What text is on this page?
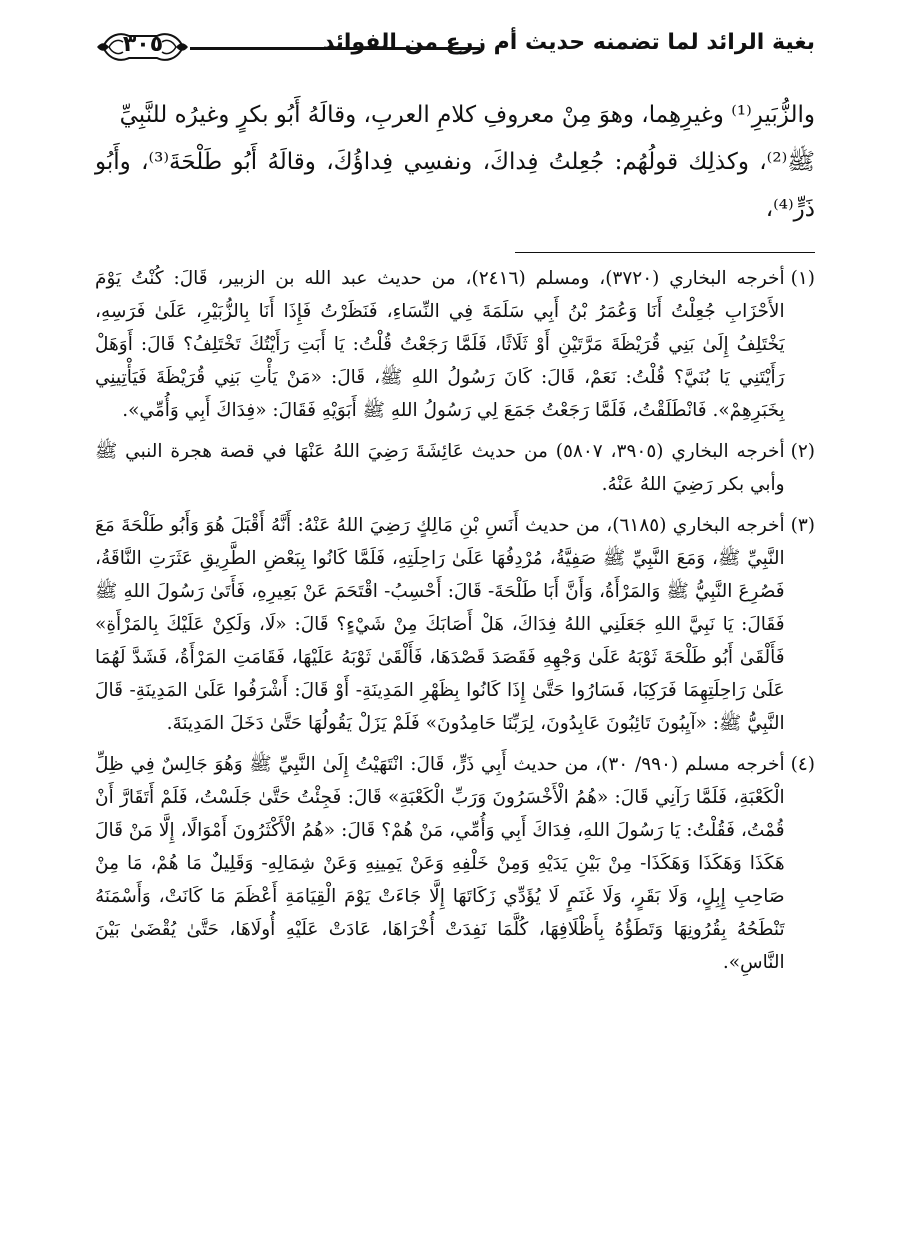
بغية الرائد لما تضمنه حديث أم زرع من الفوائد
٣٠٥

والزُّبَيرِ⁽¹⁾ وغيرِهِما، وهوَ مِنْ معروفِ كلامِ العربِ، وقالَهُ أَبُو بكرٍ وغيرُه للنَّبِيِّ

ﷺ⁽²⁾، وكذلِك قولُهُم: جُعِلتُ فِداكَ، ونفسِي فِداؤُكَ، وقالَهُ أَبُو طَلْحَةَ⁽³⁾، وأَبُو ذَرٍّ⁽⁴⁾،

(١)
أخرجه البخاري (٣٧٢٠)، ومسلم (٢٤١٦)، من حديث عبد الله بن الزبير، قَالَ: كُنْتُ يَوْمَ الأَحْزَابِ جُعِلْتُ أَنَا وَعُمَرُ بْنُ أَبِي سَلَمَةَ فِي النِّسَاءِ، فَنَظَرْتُ فَإِذَا أَنَا بِالزُّبَيْرِ، عَلَىٰ فَرَسِهِ، يَخْتَلِفُ إِلَىٰ بَنِي قُرَيْظَةَ مَرَّتَيْنِ أَوْ ثَلَاثًا، فَلَمَّا رَجَعْتُ قُلْتُ: يَا أَبَتِ رَأَيْتُكَ تَخْتَلِفُ؟ قَالَ: أَوَهَلْ رَأَيْتَنِي يَا بُنَيَّ؟ قُلْتُ: نَعَمْ، قَالَ: كَانَ رَسُولُ اللهِ ﷺ، قَالَ: «مَنْ يَأْتِ بَنِي قُرَيْظَةَ فَيَأْتِينِي بِخَبَرِهِمْ». فَانْطَلَقْتُ، فَلَمَّا رَجَعْتُ جَمَعَ لِي رَسُولُ اللهِ ﷺ أَبَوَيْهِ فَقَالَ: «فِدَاكَ أَبِي وَأُمِّي».
(٢)
أخرجه البخاري (٣٩٠٥، ٥٨٠٧) من حديث عَائِشَةَ رَضِيَ اللهُ عَنْهَا في قصة هجرة النبي ﷺ وأبي بكر رَضِيَ اللهُ عَنْهُ.
(٣)
أخرجه البخاري (٦١٨٥)، من حديث أَنَسِ بْنِ مَالِكٍ رَضِيَ اللهُ عَنْهُ: أَنَّهُ أَقْبَلَ هُوَ وَأَبُو طَلْحَةَ مَعَ النَّبِيِّ ﷺ، وَمَعَ النَّبِيِّ ﷺ صَفِيَّةُ، مُرْدِفُهَا عَلَىٰ رَاحِلَتِهِ، فَلَمَّا كَانُوا بِبَعْضِ الطَّرِيقِ عَثَرَتِ النَّاقَةُ، فَصُرِعَ النَّبِيُّ ﷺ وَالمَرْأَةُ، وَأَنَّ أَبَا طَلْحَةَ- قَالَ: أَحْسِبُ- اقْتَحَمَ عَنْ بَعِيرِهِ، فَأَتَىٰ رَسُولَ اللهِ ﷺ فَقَالَ: يَا نَبِيَّ اللهِ جَعَلَنِي اللهُ فِدَاكَ، هَلْ أَصَابَكَ مِنْ شَيْءٍ؟ قَالَ: «لَا، وَلَكِنْ عَلَيْكَ بِالمَرْأَةِ» فَأَلْقَىٰ أَبُو طَلْحَةَ ثَوْبَهُ عَلَىٰ وَجْهِهِ فَقَصَدَ قَصْدَهَا، فَأَلْقَىٰ ثَوْبَهُ عَلَيْهَا، فَقَامَتِ المَرْأَةُ، فَشَدَّ لَهُمَا عَلَىٰ رَاحِلَتِهِمَا فَرَكِبَا، فَسَارُوا حَتَّىٰ إِذَا كَانُوا بِظَهْرِ المَدِينَةِ- أَوْ قَالَ: أَشْرَفُوا عَلَىٰ المَدِينَةِ- قَالَ النَّبِيُّ ﷺ: «آيِبُونَ تَائِبُونَ عَابِدُونَ، لِرَبِّنَا حَامِدُونَ» فَلَمْ يَزَلْ يَقُولُهَا حَتَّىٰ دَخَلَ المَدِينَةَ.
(٤)
أخرجه مسلم (٩٩٠/ ٣٠)، من حديث أَبِي ذَرٍّ، قَالَ: انْتَهَيْتُ إِلَىٰ النَّبِيِّ ﷺ وَهُوَ جَالِسٌ فِي ظِلِّ الْكَعْبَةِ، فَلَمَّا رَآنِي قَالَ: «هُمُ الْأَخْسَرُونَ وَرَبِّ الْكَعْبَةِ» قَالَ: فَجِئْتُ حَتَّىٰ جَلَسْتُ، فَلَمْ أَتَقَارَّ أَنْ قُمْتُ، فَقُلْتُ: يَا رَسُولَ اللهِ، فِدَاكَ أَبِي وَأُمِّي، مَنْ هُمْ؟ قَالَ: «هُمُ الْأَكْثَرُونَ أَمْوَالًا، إِلَّا مَنْ قَالَ هَكَذَا وَهَكَذَا وَهَكَذَا- مِنْ بَيْنِ يَدَيْهِ وَمِنْ خَلْفِهِ وَعَنْ يَمِينِهِ وَعَنْ شِمَالِهِ- وَقَلِيلٌ مَا هُمْ، مَا مِنْ صَاحِبِ إِبِلٍ، وَلَا بَقَرٍ، وَلَا غَنَمٍ لَا يُؤَدِّي زَكَاتَهَا إِلَّا جَاءَتْ يَوْمَ الْقِيَامَةِ أَعْظَمَ مَا كَانَتْ، وَأَسْمَنَهُ تَنْطَحُهُ بِقُرُونِهَا وَتَطَؤُهُ بِأَظْلَافِهَا، كُلَّمَا نَفِدَتْ أُخْرَاهَا، عَادَتْ عَلَيْهِ أُولَاهَا، حَتَّىٰ يُقْضَىٰ بَيْنَ النَّاسِ».
